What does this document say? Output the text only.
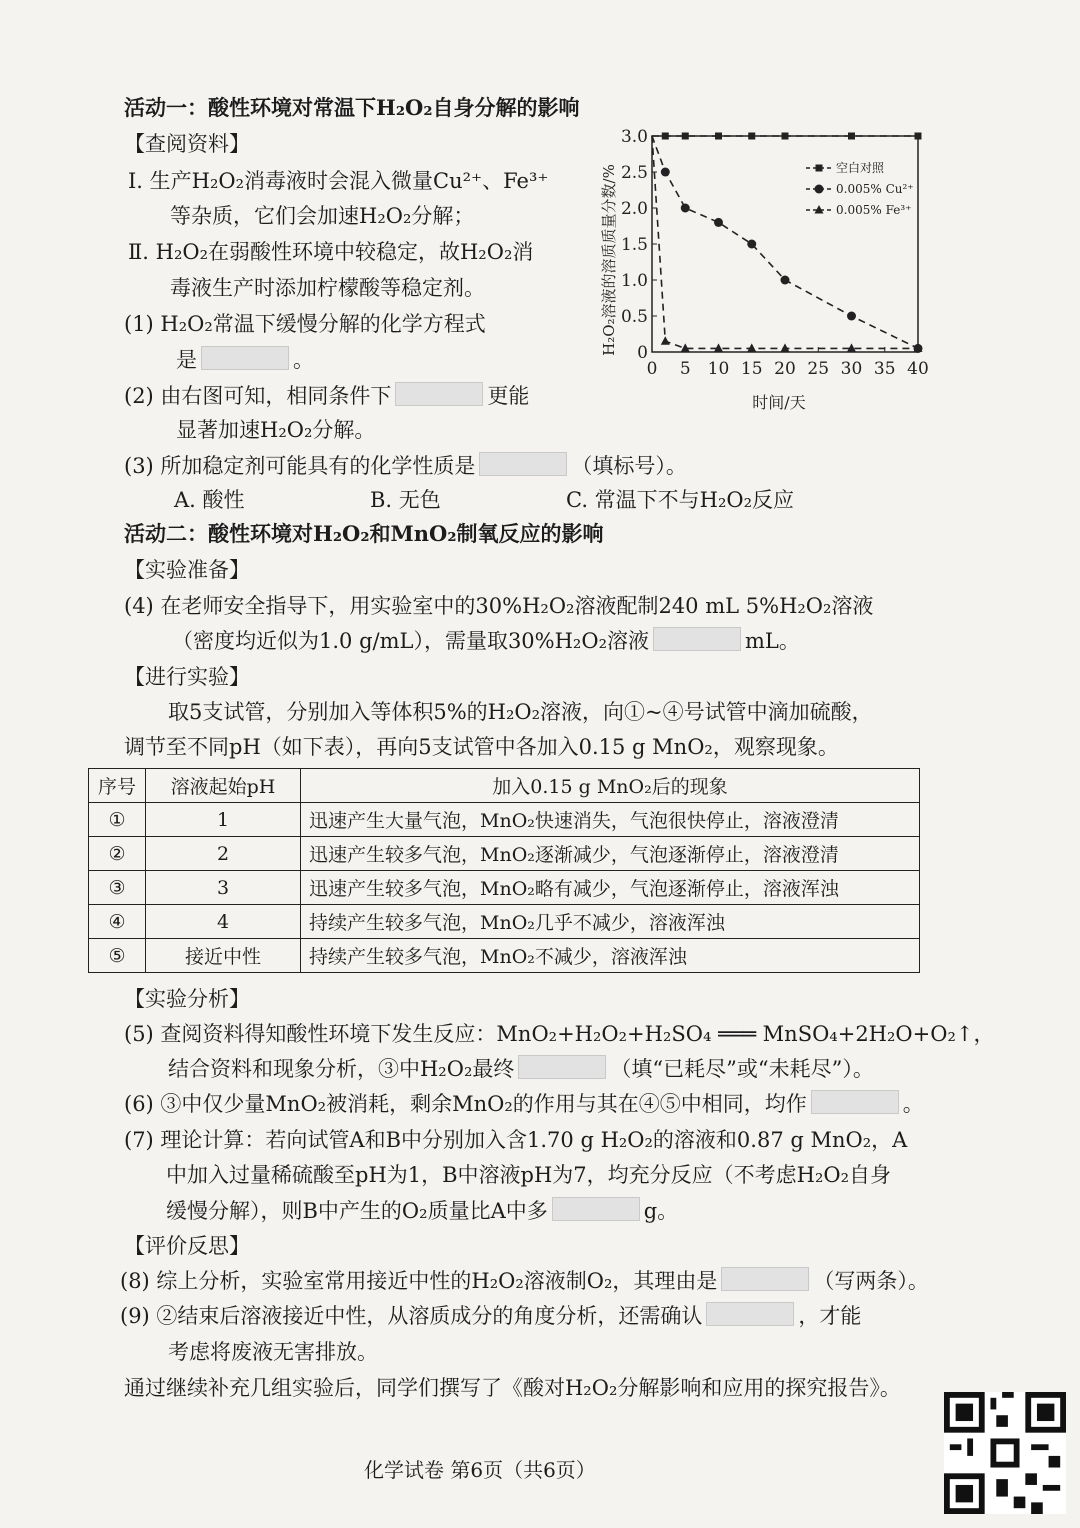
活动一：酸性环境对常温下H₂O₂自身分解的影响
【查阅资料】
Ⅰ. 生产H₂O₂消毒液时会混入微量Cu²⁺、Fe³⁺
等杂质，它们会加速H₂O₂分解；
Ⅱ. H₂O₂在弱酸性环境中较稳定，故H₂O₂消
毒液生产时添加柠檬酸等稳定剂。
(1) H₂O₂常温下缓慢分解的化学方程式
是	。
(2) 由右图可知，相同条件下	更能
显著加速H₂O₂分解。
(3) 所加稳定剂可能具有的化学性质是	（填标号）。
A. 酸性	B. 无色	C. 常温下不与H₂O₂反应
H₂O₂溶液的溶质质量分数/%
时间/天
0
0.5
1.0
1.5
2.0
2.5
3.0
0 5 10 15 20 25 30 35 40
空白对照
0.005% Cu²⁺
0.005% Fe³⁺
活动二：酸性环境对H₂O₂和MnO₂制氧反应的影响
【实验准备】
(4) 在老师安全指导下，用实验室中的30%H₂O₂溶液配制240 mL 5%H₂O₂溶液
（密度均近似为1.0 g/mL），需量取30%H₂O₂溶液	mL。
【进行实验】
取5支试管，分别加入等体积5%的H₂O₂溶液，向①~④号试管中滴加硫酸，
调节至不同pH（如下表），再向5支试管中各加入0.15 g MnO₂，观察现象。
序号	溶液起始pH	加入0.15 g MnO₂后的现象
①	1	迅速产生大量气泡，MnO₂快速消失，气泡很快停止，溶液澄清
②	2	迅速产生较多气泡，MnO₂逐渐减少，气泡逐渐停止，溶液澄清
③	3	迅速产生较多气泡，MnO₂略有减少，气泡逐渐停止，溶液浑浊
④	4	持续产生较多气泡，MnO₂几乎不减少，溶液浑浊
⑤	接近中性	持续产生较多气泡，MnO₂不减少，溶液浑浊
【实验分析】
(5) 查阅资料得知酸性环境下发生反应：MnO₂+H₂O₂+H₂SO₄ ═══ MnSO₄+2H₂O+O₂↑，
结合资料和现象分析，③中H₂O₂最终	（填“已耗尽”或“未耗尽”）。
(6) ③中仅少量MnO₂被消耗，剩余MnO₂的作用与其在④⑤中相同，均作	。
(7) 理论计算：若向试管A和B中分别加入含1.70 g H₂O₂的溶液和0.87 g MnO₂，A
中加入过量稀硫酸至pH为1，B中溶液pH为7，均充分反应（不考虑H₂O₂自身
缓慢分解），则B中产生的O₂质量比A中多	g。
【评价反思】
(8) 综上分析，实验室常用接近中性的H₂O₂溶液制O₂，其理由是	（写两条）。
(9) ②结束后溶液接近中性，从溶质成分的角度分析，还需确认	，才能
考虑将废液无害排放。
通过继续补充几组实验后，同学们撰写了《酸对H₂O₂分解影响和应用的探究报告》。
化学试卷 第6页（共6页）
